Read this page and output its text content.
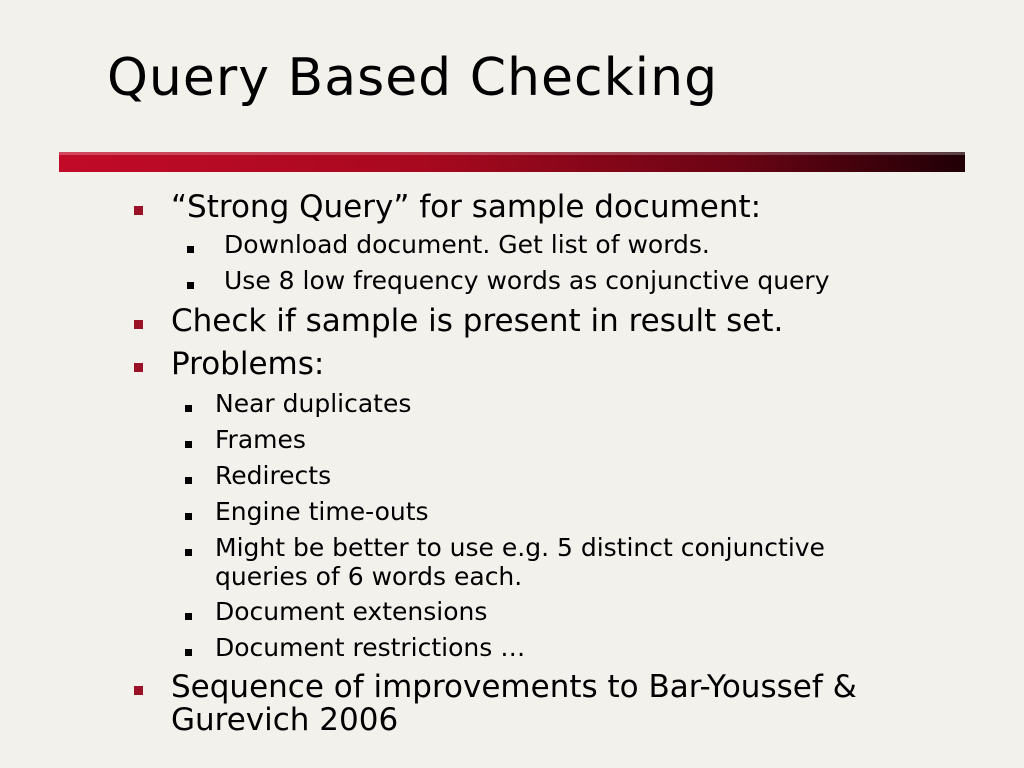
Query Based Checking
“Strong Query” for sample document:
Download document. Get list of words.
Use 8 low frequency words as conjunctive query
Check if sample is present in result set.
Problems:
Near duplicates
Frames
Redirects
Engine time-outs
Might be better to use e.g. 5 distinct conjunctive
queries of 6 words each.
Document extensions
Document restrictions …
Sequence of improvements to Bar-Youssef &
Gurevich 2006
